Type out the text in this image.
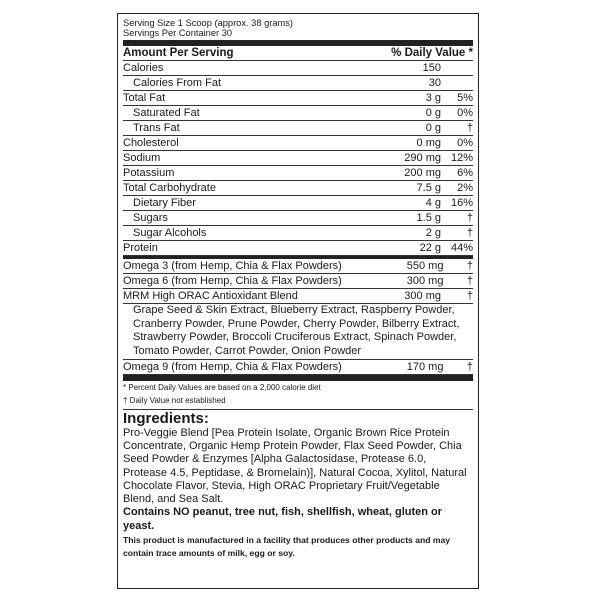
Serving Size 1 Scoop (approx. 38 grams)
Servings Per Container 30
Amount Per Serving	% Daily Value *
Calories	150
Calories From Fat	30
Total Fat	3 g	5%
Saturated Fat	0 g	0%
Trans Fat	0 g	†
Cholesterol	0 mg	0%
Sodium	290 mg 12%
Potassium	200 mg	6%
Total Carbohydrate	7.5 g	2%
Dietary Fiber	4 g 16%
Sugars	1.5 g	†
Sugar Alcohols	2 g	†
Protein	22 g 44%
Omega 3 (from Hemp, Chia & Flax Powders)	550 mg	†
Omega 6 (from Hemp, Chia & Flax Powders)	300 mg	†
MRM High ORAC Antioxidant Blend	300 mg	†
Grape Seed & Skin Extract, Blueberry Extract, Raspberry Powder, Cranberry Powder, Prune Powder, Cherry Powder, Bilberry Extract, Strawberry Powder, Broccoli Cruciferous Extract, Spinach Powder, Tomato Powder, Carrot Powder, Onion Powder
Omega 9 (from Hemp, Chia & Flax Powders)	170 mg	†
* Percent Daily Values are based on a 2,000 calorie diet
† Daily Value not established
Ingredients:
Pro-Veggie Blend [Pea Protein Isolate, Organic Brown Rice Protein Concentrate, Organic Hemp Protein Powder, Flax Seed Powder, Chia Seed Powder & Enzymes [Alpha Galactosidase, Protease 6.0, Protease 4.5, Peptidase, & Bromelain)], Natural Cocoa, Xylitol, Natural Chocolate Flavor, Stevia, High ORAC Proprietary Fruit/Vegetable Blend, and Sea Salt.
Contains NO peanut, tree nut, fish, shellfish, wheat, gluten or yeast.
This product is manufactured in a facility that produces other products and may contain trace amounts of milk, egg or soy.
